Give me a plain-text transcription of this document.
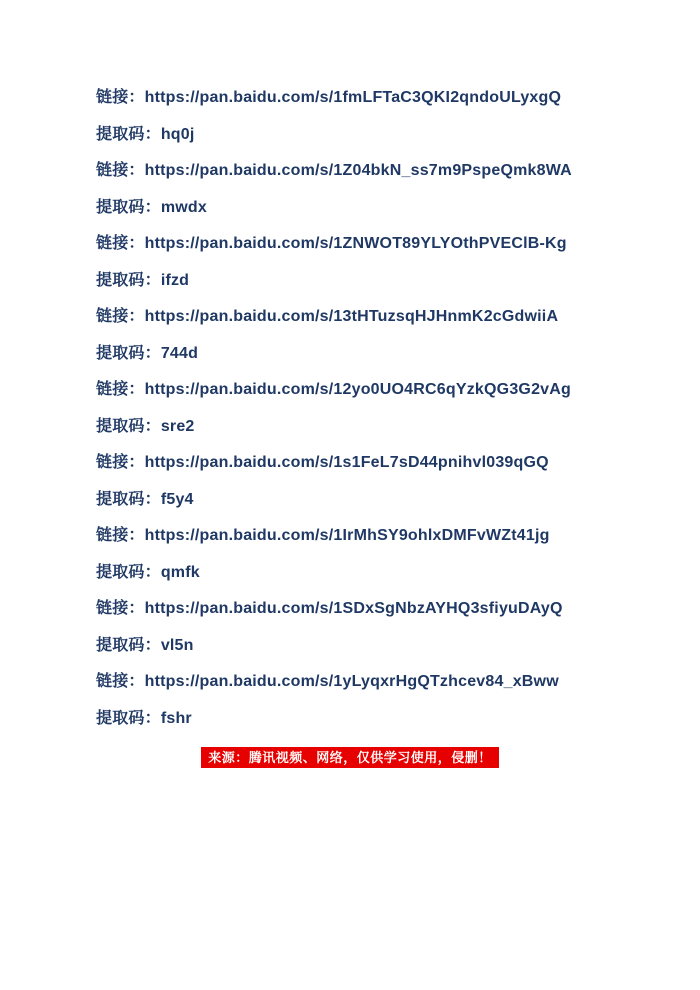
链接：https://pan.baidu.com/s/1fmLFTaC3QKI2qndoULyxgQ

提取码：hq0j

链接：https://pan.baidu.com/s/1Z04bkN_ss7m9PspeQmk8WA

提取码：mwdx

链接：https://pan.baidu.com/s/1ZNWOT89YLYOthPVEClB-Kg

提取码：ifzd

链接：https://pan.baidu.com/s/13tHTuzsqHJHnmK2cGdwiiA

提取码：744d

链接：https://pan.baidu.com/s/12yo0UO4RC6qYzkQG3G2vAg

提取码：sre2

链接：https://pan.baidu.com/s/1s1FeL7sD44pnihvl039qGQ

提取码：f5y4

链接：https://pan.baidu.com/s/1IrMhSY9ohlxDMFvWZt41jg

提取码：qmfk

链接：https://pan.baidu.com/s/1SDxSgNbzAYHQ3sfiyuDAyQ

提取码：vl5n

链接：https://pan.baidu.com/s/1yLyqxrHgQTzhcev84_xBww

提取码：fshr

来源：腾讯视频、网络，仅供学习使用，侵删！
